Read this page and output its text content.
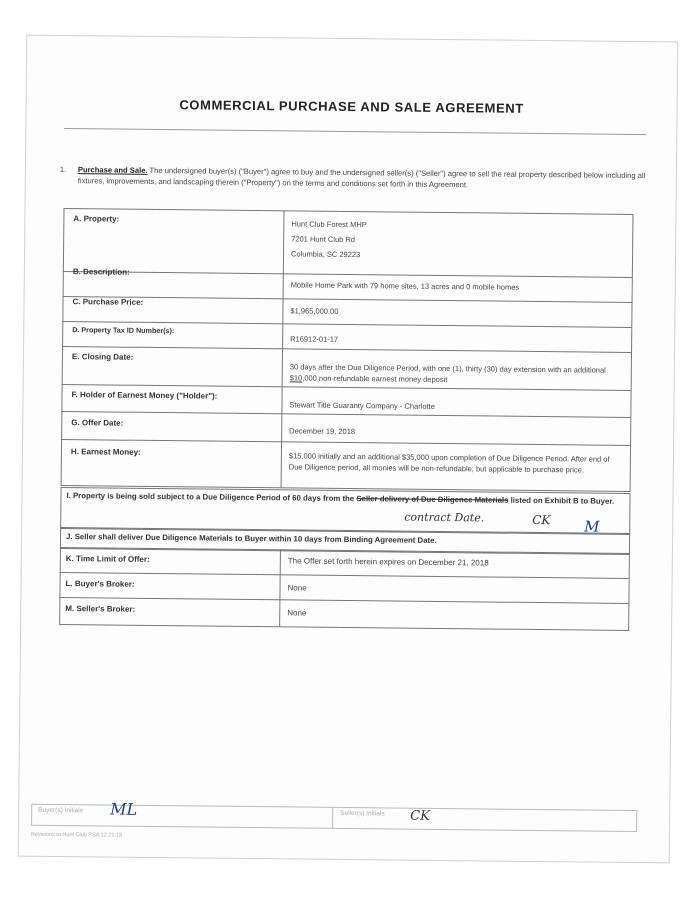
COMMERCIAL PURCHASE AND SALE AGREEMENT
1. Purchase and Sale. The undersigned buyer(s) ("Buyer") agree to buy and the undersigned seller(s) ("Seller") agree to sell the real property described below including all fixtures, improvements, and landscaping therein ("Property") on the terms and conditions set forth in this Agreement.
A. Property:
Hunt Club Forest MHP
7201 Hunt Club Rd
Columbia, SC 29223
B. Description:
Mobile Home Park with 79 home sites, 13 acres and 0 mobile homes
C. Purchase Price:
$1,965,000.00
D. Property Tax ID Number(s):
R16912-01-17
E. Closing Date:
30 days after the Due Diligence Period, with one (1), thirty (30) day extension with an additional $10,000 non-refundable earnest money deposit
F. Holder of Earnest Money ("Holder"):
Stewart Title Guaranty Company - Charlotte
G. Offer Date:
December 19, 2018
H. Earnest Money:	$15,000 initially and an additional $35,000 upon completion of Due Diligence Period. After end of Due Diligence period, all monies will be non-refundable, but applicable to purchase price.
I. Property is being sold subject to a Due Diligence Period of 60 days from the Seller delivery of Due Diligence Materials listed on Exhibit B to Buyer.
contract Date.	CK M
J. Seller shall deliver Due Diligence Materials to Buyer within 10 days from Binding Agreement Date.
K. Time Limit of Offer:	The Offer set forth herein expires on December 21, 2018
L. Buyer's Broker:	None
M. Seller's Broker:	None
Buyer(s) Initials ML	Seller(s) Initials CK
Revisions to Hunt Club PSA 12.21.18
